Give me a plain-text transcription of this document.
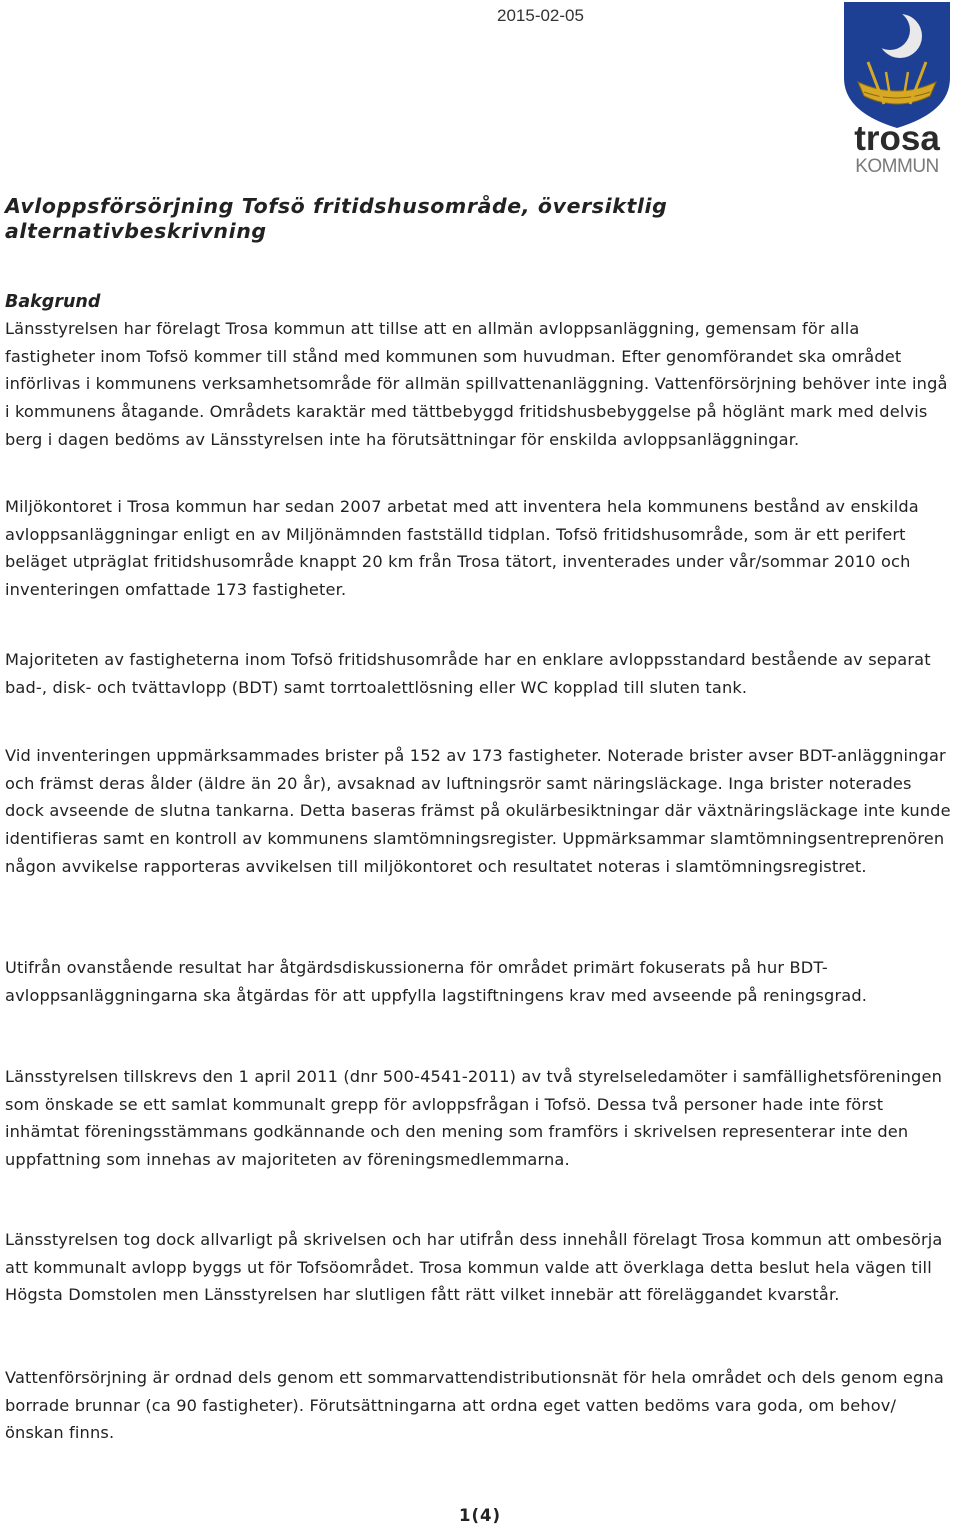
2015-02-05
trosa
KOMMUN
Avloppsförsörjning Tofsö fritidshusområde, översiktlig alternativbeskrivning
Bakgrund

Länsstyrelsen har förelagt Trosa kommun att tillse att en allmän avloppsanläggning, gemensam för alla fastigheter inom Tofsö kommer till stånd med kommunen som huvudman. Efter genomförandet ska området införlivas i kommunens verksamhetsområde för allmän spillvattenanläggning. Vattenförsörjning behöver inte ingå i kommunens åtagande. Områdets karaktär med tättbebyggd fritidshusbebyggelse på höglänt mark med delvis berg i dagen bedöms av Länsstyrelsen inte ha förutsättningar för enskilda avloppsanläggningar.

Miljökontoret i Trosa kommun har sedan 2007 arbetat med att inventera hela kommunens bestånd av enskilda avloppsanläggningar enligt en av Miljönämnden fastställd tidplan. Tofsö fritidshusområde, som är ett perifert beläget utpräglat fritidshusområde knappt 20 km från Trosa tätort, inventerades under vår/sommar 2010 och inventeringen omfattade 173 fastigheter.

Majoriteten av fastigheterna inom Tofsö fritidshusområde har en enklare avloppsstandard bestående av separat bad-, disk- och tvättavlopp (BDT) samt torrtoalettlösning eller WC kopplad till sluten tank.

Vid inventeringen uppmärksammades brister på 152 av 173 fastigheter. Noterade brister avser BDT-anläggningar och främst deras ålder (äldre än 20 år), avsaknad av luftningsrör samt näringsläckage. Inga brister noterades dock avseende de slutna tankarna. Detta baseras främst på okulärbesiktningar där växtnäringsläckage inte kunde identifieras samt en kontroll av kommunens slamtömningsregister. Uppmärksammar slamtömningsentreprenören någon avvikelse rapporteras avvikelsen till miljökontoret och resultatet noteras i slamtömningsregistret.

Utifrån ovanstående resultat har åtgärdsdiskussionerna för området primärt fokuserats på hur BDT-avloppsanläggningarna ska åtgärdas för att uppfylla lagstiftningens krav med avseende på reningsgrad.

Länsstyrelsen tillskrevs den 1 april 2011 (dnr 500-4541-2011) av två styrelseledamöter i samfällighetsföreningen som önskade se ett samlat kommunalt grepp för avloppsfrågan i Tofsö. Dessa två personer hade inte först inhämtat föreningsstämmans godkännande och den mening som framförs i skrivelsen representerar inte den uppfattning som innehas av majoriteten av föreningsmedlemmarna.

Länsstyrelsen tog dock allvarligt på skrivelsen och har utifrån dess innehåll förelagt Trosa kommun att ombesörja att kommunalt avlopp byggs ut för Tofsöområdet. Trosa kommun valde att överklaga detta beslut hela vägen till Högsta Domstolen men Länsstyrelsen har slutligen fått rätt vilket innebär att föreläggandet kvarstår.

Vattenförsörjning är ordnad dels genom ett sommarvattendistributionsnät för hela området och dels genom egna borrade brunnar (ca 90 fastigheter). Förutsättningarna att ordna eget vatten bedöms vara goda, om behov/önskan finns.

1(4)
